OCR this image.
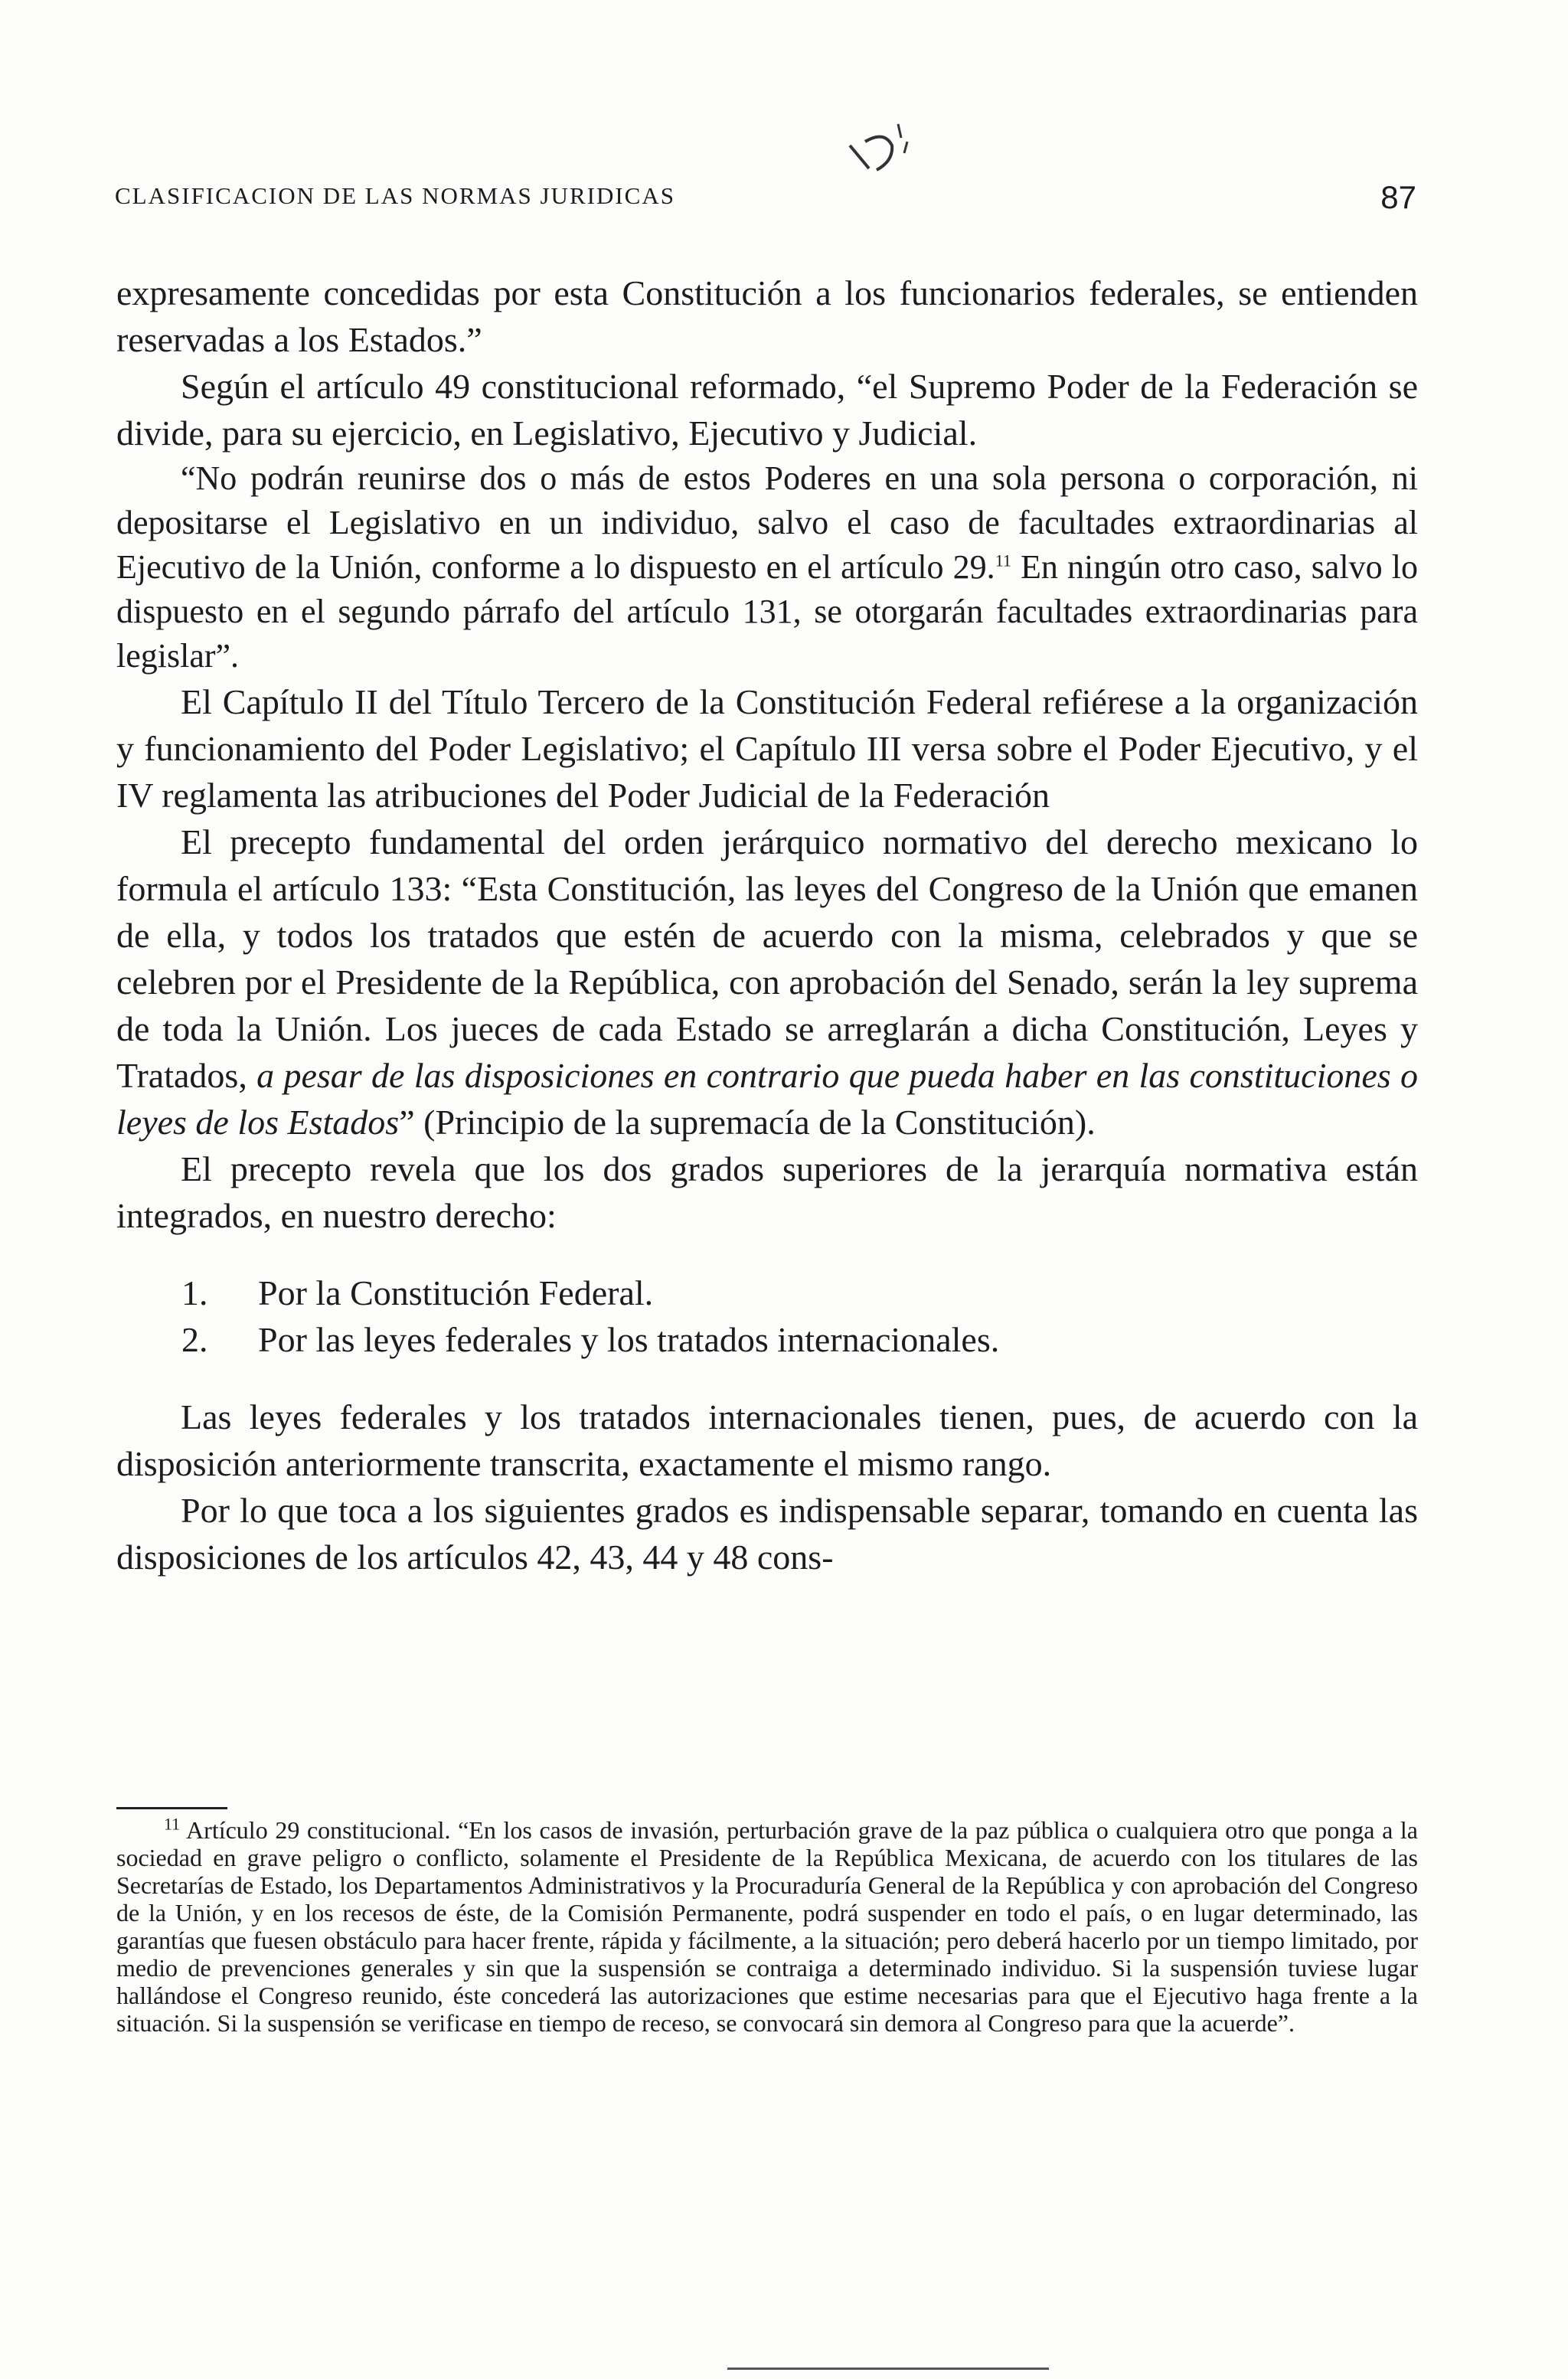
CLASIFICACION DE LAS NORMAS JURIDICAS	87

expresamente concedidas por esta Constitución a los funcionarios federales, se entienden reservadas a los Estados.”

Según el artículo 49 constitucional reformado, “el Supremo Poder de la Federación se divide, para su ejercicio, en Legislativo, Ejecutivo y Judicial.

“No podrán reunirse dos o más de estos Poderes en una sola persona o corporación, ni depositarse el Legislativo en un individuo, salvo el caso de facultades extraordinarias al Ejecutivo de la Unión, conforme a lo dispuesto en el artículo 29.11 En ningún otro caso, salvo lo dispuesto en el segundo párrafo del artículo 131, se otorgarán facultades extraordinarias para legislar”.

El Capítulo II del Título Tercero de la Constitución Federal refiérese a la organización y funcionamiento del Poder Legislativo; el Capítulo III versa sobre el Poder Ejecutivo, y el IV reglamenta las atribuciones del Poder Judicial de la Federación

El precepto fundamental del orden jerárquico normativo del derecho mexicano lo formula el artículo 133: “Esta Constitución, las leyes del Congreso de la Unión que emanen de ella, y todos los tratados que estén de acuerdo con la misma, celebrados y que se celebren por el Presidente de la República, con aprobación del Senado, serán la ley suprema de toda la Unión. Los jueces de cada Estado se arreglarán a dicha Constitución, Leyes y Tratados, a pesar de las disposiciones en contrario que pueda haber en las constituciones o leyes de los Estados” (Principio de la supremacía de la Constitución).

El precepto revela que los dos grados superiores de la jerarquía normativa están integrados, en nuestro derecho:

1.	Por la Constitución Federal.
2.	Por las leyes federales y los tratados internacionales.

Las leyes federales y los tratados internacionales tienen, pues, de acuerdo con la disposición anteriormente transcrita, exactamente el mismo rango.

Por lo que toca a los siguientes grados es indispensable separar, tomando en cuenta las disposiciones de los artículos 42, 43, 44 y 48 cons-

$^{11}$ Artículo 29 constitucional. “En los casos de invasión, perturbación grave de la paz pública o cualquiera otro que ponga a la sociedad en grave peligro o conflicto, solamente el Presidente de la República Mexicana, de acuerdo con los titulares de las Secretarías de Estado, los Departamentos Administrativos y la Procuraduría General de la República y con aprobación del Congreso de la Unión, y en los recesos de éste, de la Comisión Permanente, podrá suspender en todo el país, o en lugar determinado, las garantías que fuesen obstáculo para hacer frente, rápida y fácilmente, a la situación; pero deberá hacerlo por un tiempo limitado, por medio de prevenciones generales y sin que la suspensión se contraiga a determinado individuo. Si la suspensión tuviese lugar hallándose el Congreso reunido, éste concederá las autorizaciones que estime necesarias para que el Ejecutivo haga frente a la situación. Si la suspensión se verificase en tiempo de receso, se convocará sin demora al Congreso para que la acuerde”.
